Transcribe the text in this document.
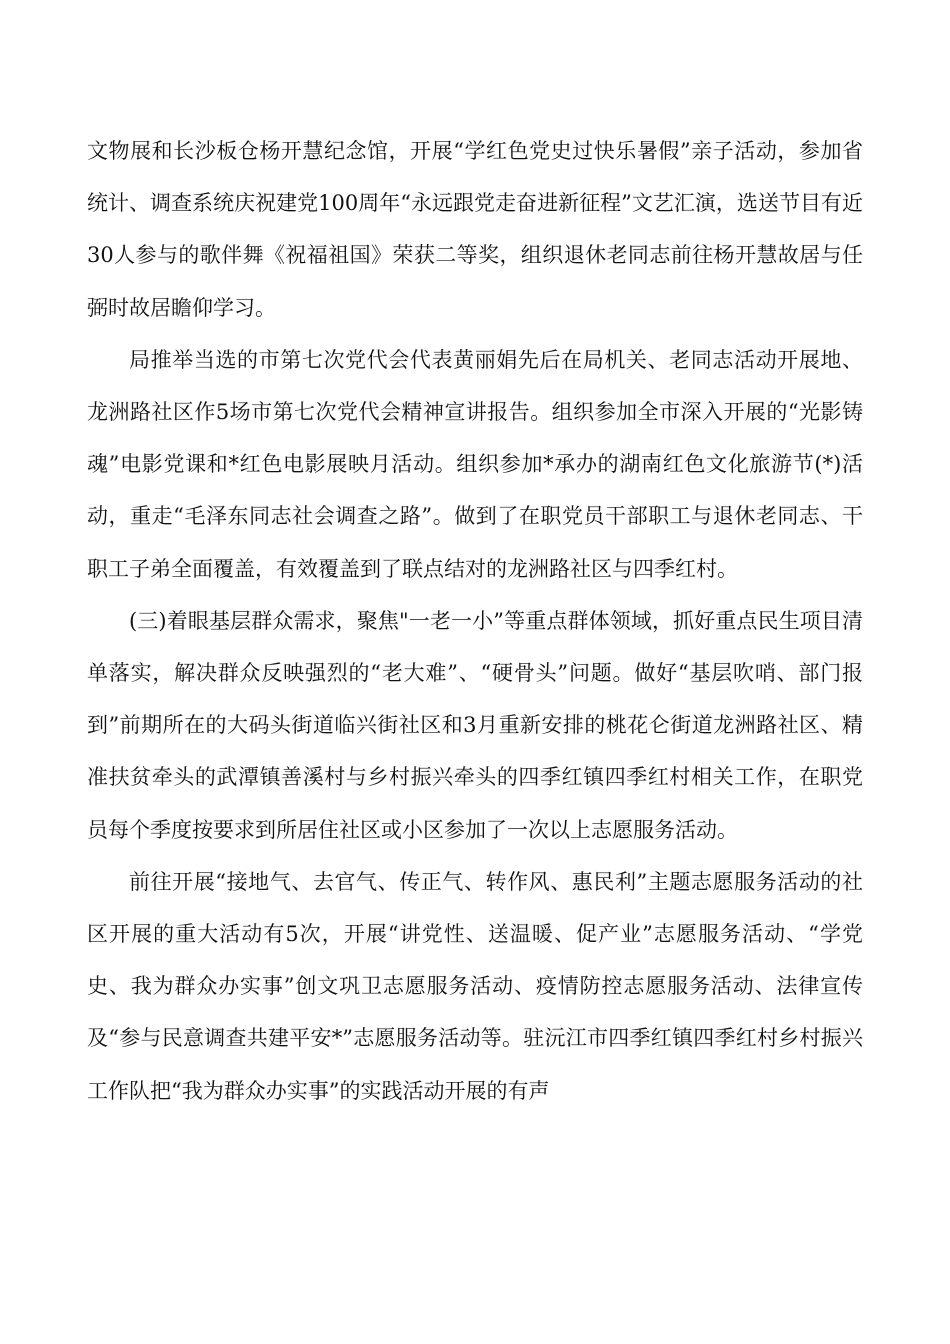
文物展和长沙板仓杨开慧纪念馆，开展“学红色党史过快乐暑假”亲子活动，参加省统计、调查系统庆祝建党100周年“永远跟党走奋进新征程”文艺汇演，选送节目有近30人参与的歌伴舞《祝福祖国》荣获二等奖，组织退休老同志前往杨开慧故居与任弼时故居瞻仰学习。

局推举当选的市第七次党代会代表黄丽娟先后在局机关、老同志活动开展地、龙洲路社区作5场市第七次党代会精神宣讲报告。组织参加全市深入开展的“光影铸魂”电影党课和*红色电影展映月活动。组织参加*承办的湖南红色文化旅游节(*)活动，重走“毛泽东同志社会调查之路”。做到了在职党员干部职工与退休老同志、干职工子弟全面覆盖，有效覆盖到了联点结对的龙洲路社区与四季红村。

(三)着眼基层群众需求，聚焦"一老一小”等重点群体领域，抓好重点民生项目清单落实，解决群众反映强烈的“老大难”、“硬骨头”问题。做好“基层吹哨、部门报到”前期所在的大码头街道临兴街社区和3月重新安排的桃花仑街道龙洲路社区、精准扶贫牵头的武潭镇善溪村与乡村振兴牵头的四季红镇四季红村相关工作，在职党员每个季度按要求到所居住社区或小区参加了一次以上志愿服务活动。

前往开展“接地气、去官气、传正气、转作风、惠民利”主题志愿服务活动的社区开展的重大活动有5次，开展“讲党性、送温暖、促产业”志愿服务活动、“学党史、我为群众办实事”创文巩卫志愿服务活动、疫情防控志愿服务活动、法律宣传及“参与民意调查共建平安*”志愿服务活动等。驻沅江市四季红镇四季红村乡村振兴工作队把“我为群众办实事”的实践活动开展的有声
